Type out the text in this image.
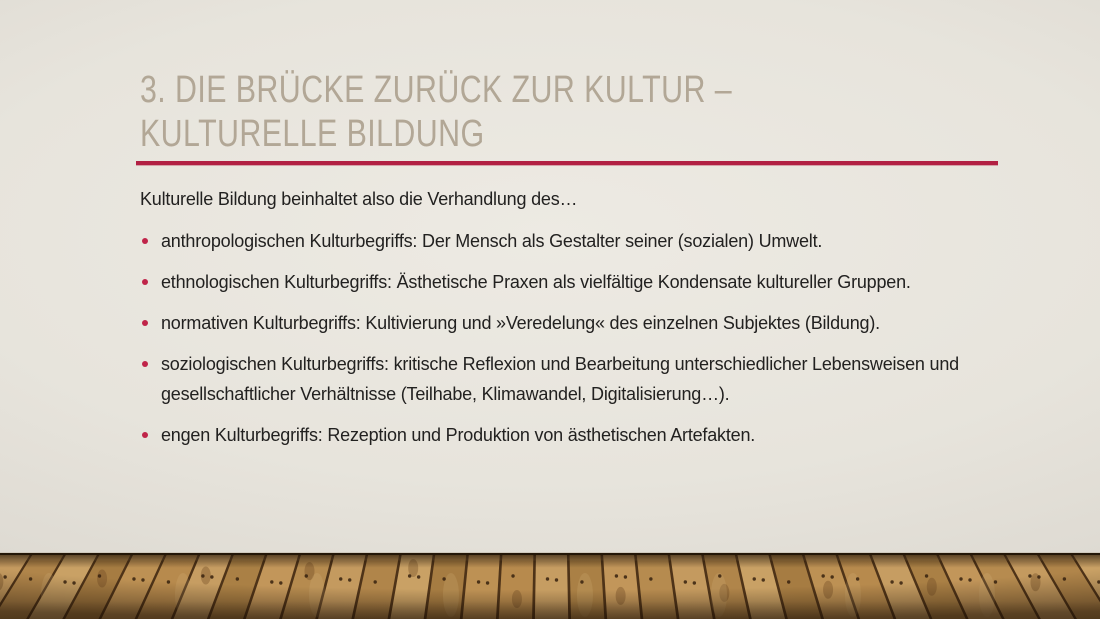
3. DIE BRÜCKE ZURÜCK ZUR KULTUR –
KULTURELLE BILDUNG

Kulturelle Bildung beinhaltet also die Verhandlung des…

anthropologischen Kulturbegriffs: Der Mensch als Gestalter seiner (sozialen) Umwelt.
ethnologischen Kulturbegriffs: Ästhetische Praxen als vielfältige Kondensate kultureller Gruppen.
normativen Kulturbegriffs: Kultivierung und »Veredelung« des einzelnen Subjektes (Bildung).
soziologischen Kulturbegriffs: kritische Reflexion und Bearbeitung unterschiedlicher Lebensweisen und gesellschaftlicher Verhältnisse (Teilhabe, Klimawandel, Digitalisierung…).
engen Kulturbegriffs: Rezeption und Produktion von ästhetischen Artefakten.
